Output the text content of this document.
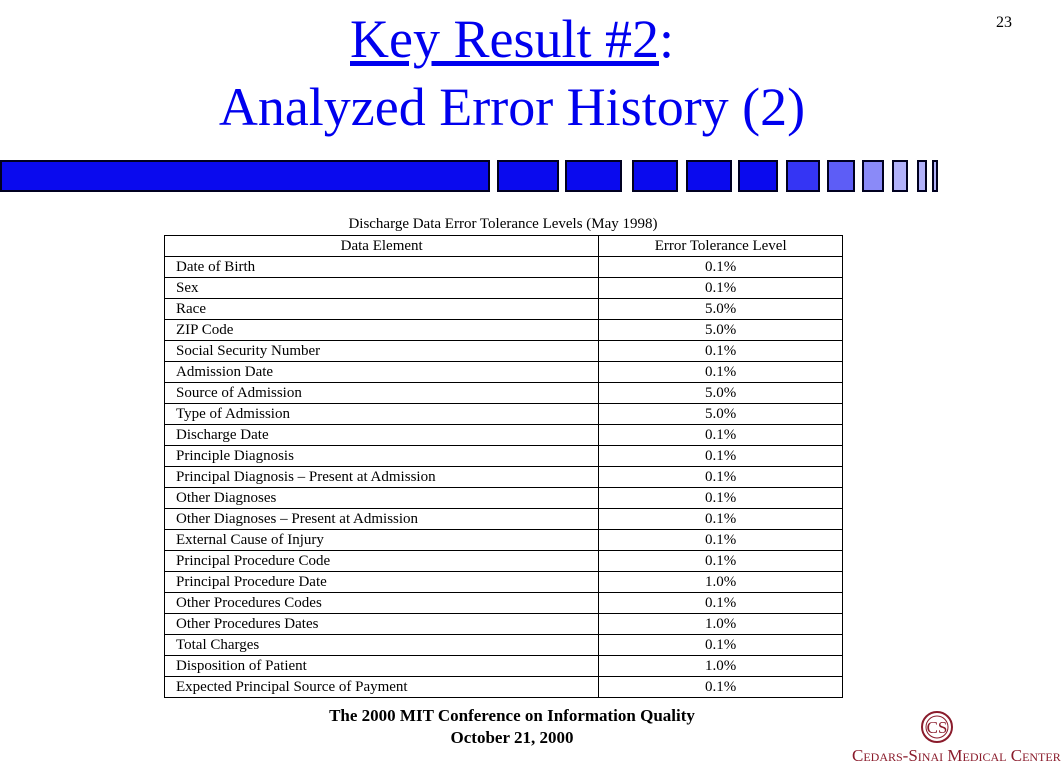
23
Key Result #2:
Analyzed Error History (2)
Discharge Data Error Tolerance Levels (May 1998)
Data Element	Error Tolerance Level
Date of Birth	0.1%
Sex	0.1%
Race	5.0%
ZIP Code	5.0%
Social Security Number	0.1%
Admission Date	0.1%
Source of Admission	5.0%
Type of Admission	5.0%
Discharge Date	0.1%
Principle Diagnosis	0.1%
Principal Diagnosis – Present at Admission	0.1%
Other Diagnoses	0.1%
Other Diagnoses – Present at Admission	0.1%
External Cause of Injury	0.1%
Principal Procedure Code	0.1%
Principal Procedure Date	1.0%
Other Procedures Codes	0.1%
Other Procedures Dates	1.0%
Total Charges	0.1%
Disposition of Patient	1.0%
Expected Principal Source of Payment	0.1%
The 2000 MIT Conference on Information Quality
October 21, 2000
CS
Cedars-Sinai Medical Center
